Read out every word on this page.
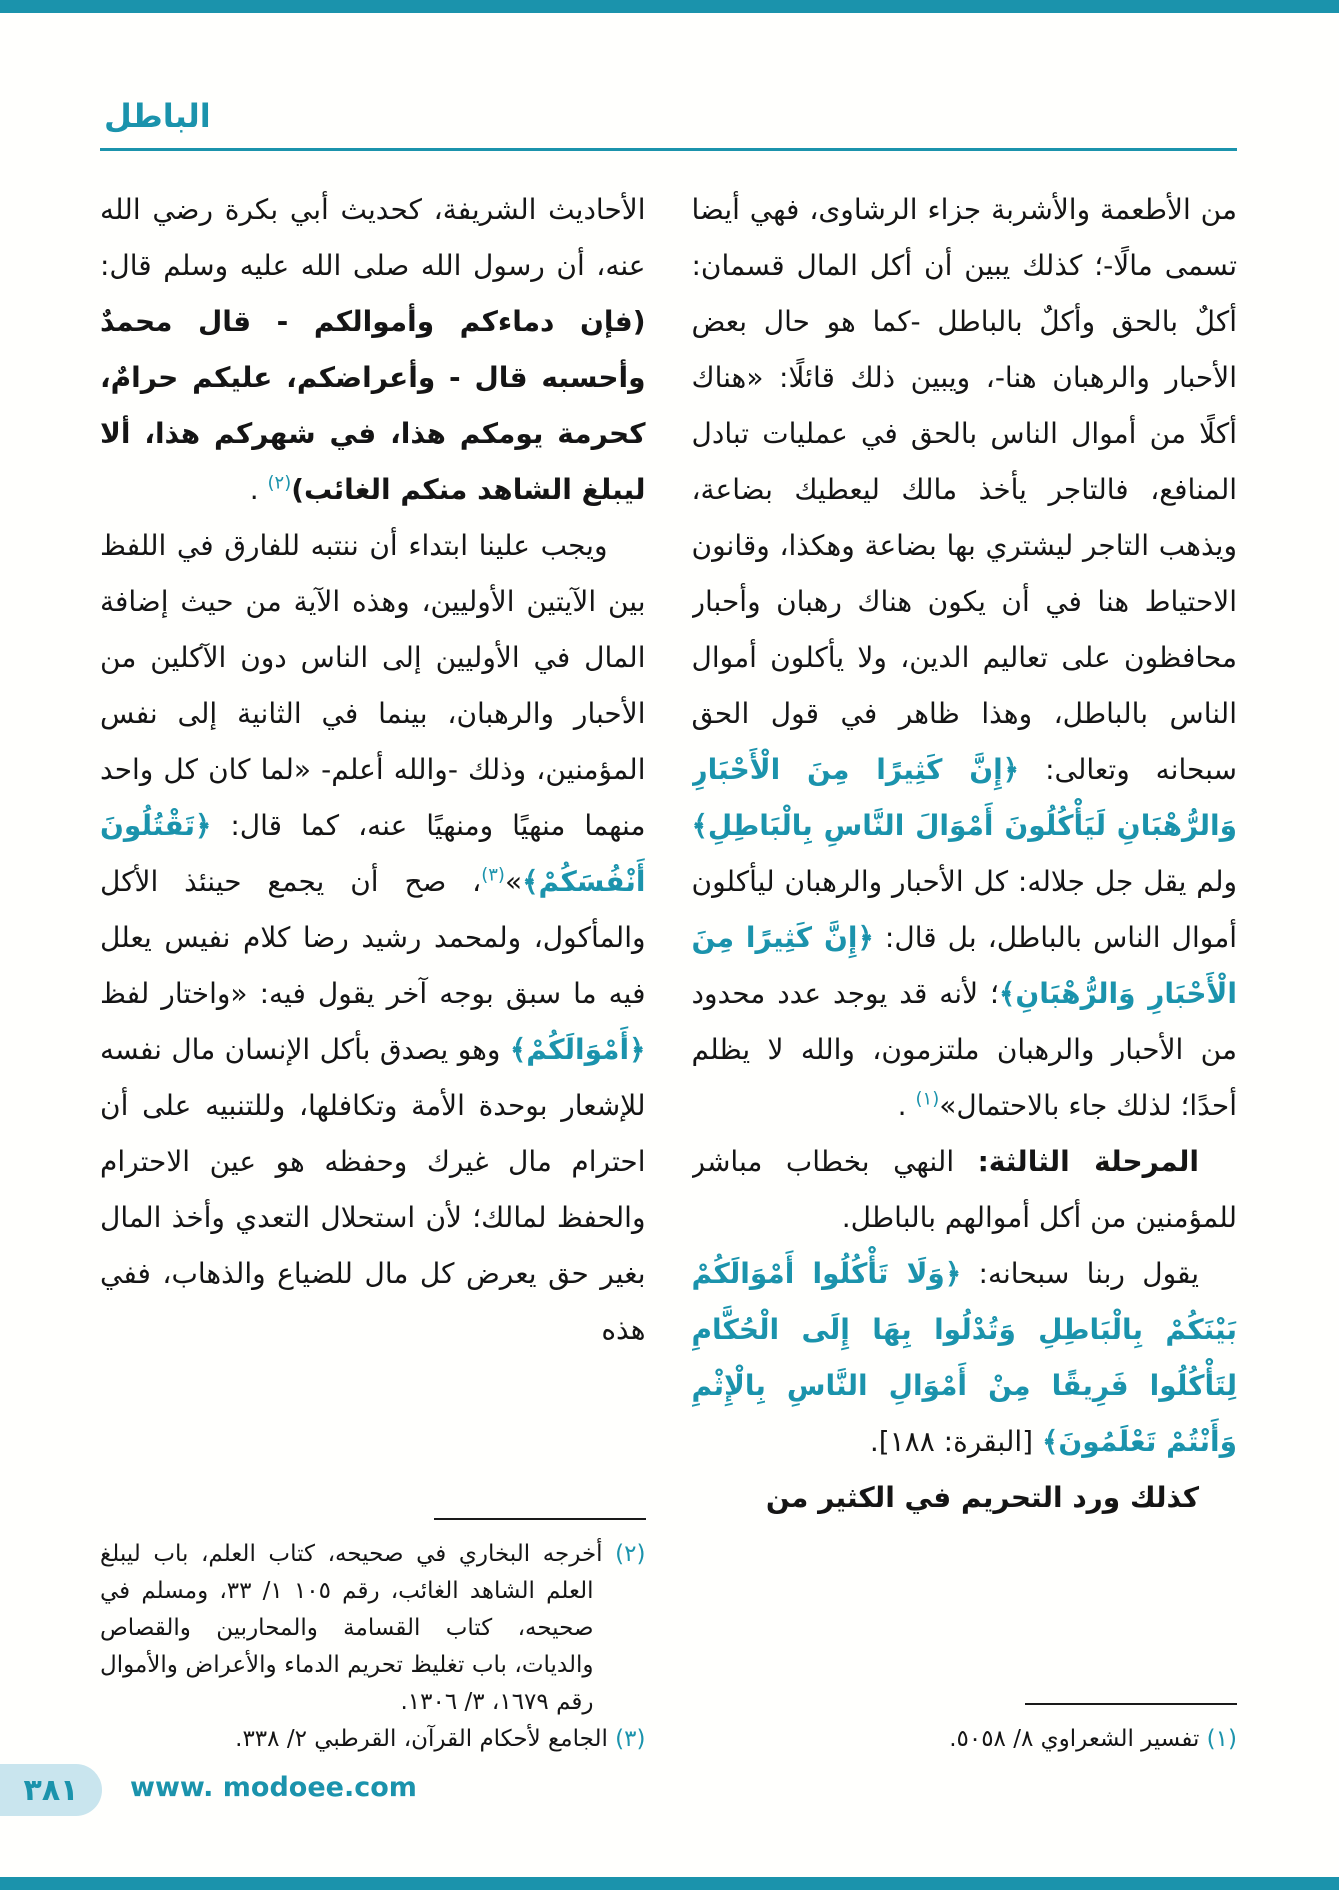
الباطل

من الأطعمة والأشربة جزاء الرشاوى، فهي أيضا تسمى مالًا-؛ كذلك يبين أن أكل المال قسمان: أكلٌ بالحق وأكلٌ بالباطل -كما هو حال بعض الأحبار والرهبان هنا-، ويبين ذلك قائلًا: «هناك أكلًا من أموال الناس بالحق في عمليات تبادل المنافع، فالتاجر يأخذ مالك ليعطيك بضاعة، ويذهب التاجر ليشتري بها بضاعة وهكذا، وقانون الاحتياط هنا في أن يكون هناك رهبان وأحبار محافظون على تعاليم الدين، ولا يأكلون أموال الناس بالباطل، وهذا ظاهر في قول الحق سبحانه وتعالى: ﴿إِنَّ كَثِيرًا مِنَ الْأَحْبَارِ وَالرُّهْبَانِ لَيَأْكُلُونَ أَمْوَالَ النَّاسِ بِالْبَاطِلِ﴾ ولم يقل جل جلاله: كل الأحبار والرهبان ليأكلون أموال الناس بالباطل، بل قال: ﴿إِنَّ كَثِيرًا مِنَ الْأَحْبَارِ وَالرُّهْبَانِ﴾؛ لأنه قد يوجد عدد محدود من الأحبار والرهبان ملتزمون، والله لا يظلم أحدًا؛ لذلك جاء بالاحتمال»$^{(١)}$ .

المرحلة الثالثة: النهي بخطاب مباشر للمؤمنين من أكل أموالهم بالباطل.

يقول ربنا سبحانه: ﴿وَلَا تَأْكُلُوا أَمْوَالَكُمْ بَيْنَكُمْ بِالْبَاطِلِ وَتُدْلُوا بِهَا إِلَى الْحُكَّامِ لِتَأْكُلُوا فَرِيقًا مِنْ أَمْوَالِ النَّاسِ بِالْإِثْمِ وَأَنْتُمْ تَعْلَمُونَ﴾ [البقرة: ١٨٨].

كذلك ورد التحريم في الكثير من

(١) تفسير الشعراوي ٨/ ٥٠٥٨.

الأحاديث الشريفة، كحديث أبي بكرة رضي الله عنه، أن رسول الله صلى الله عليه وسلم قال: (فإن دماءكم وأموالكم - قال محمدٌ وأحسبه قال - وأعراضكم، عليكم حرامٌ، كحرمة يومكم هذا، في شهركم هذا، ألا ليبلغ الشاهد منكم الغائب)$^{(٢)}$ .

ويجب علينا ابتداء أن ننتبه للفارق في اللفظ بين الآيتين الأوليين، وهذه الآية من حيث إضافة المال في الأوليين إلى الناس دون الآكلين من الأحبار والرهبان، بينما في الثانية إلى نفس المؤمنين، وذلك -والله أعلم- «لما كان كل واحد منهما منهيًا ومنهيًا عنه، كما قال: ﴿تَقْتُلُونَ أَنْفُسَكُمْ﴾»$^{(٣)}$، صح أن يجمع حينئذ الأكل والمأكول، ولمحمد رشيد رضا كلام نفيس يعلل فيه ما سبق بوجه آخر يقول فيه: «واختار لفظ ﴿أَمْوَالَكُمْ﴾ وهو يصدق بأكل الإنسان مال نفسه للإشعار بوحدة الأمة وتكافلها، وللتنبيه على أن احترام مال غيرك وحفظه هو عين الاحترام والحفظ لمالك؛ لأن استحلال التعدي وأخذ المال بغير حق يعرض كل مال للضياع والذهاب، ففي هذه

(٢) أخرجه البخاري في صحيحه، كتاب العلم، باب ليبلغ العلم الشاهد الغائب، رقم ١٠٥ ١/ ٣٣، ومسلم في صحيحه، كتاب القسامة والمحاربين والقصاص والديات، باب تغليظ تحريم الدماء والأعراض والأموال رقم ١٦٧٩، ٣/ ١٣٠٦.

(٣) الجامع لأحكام القرآن، القرطبي ٢/ ٣٣٨.

٣٨١ www. modoee.com
